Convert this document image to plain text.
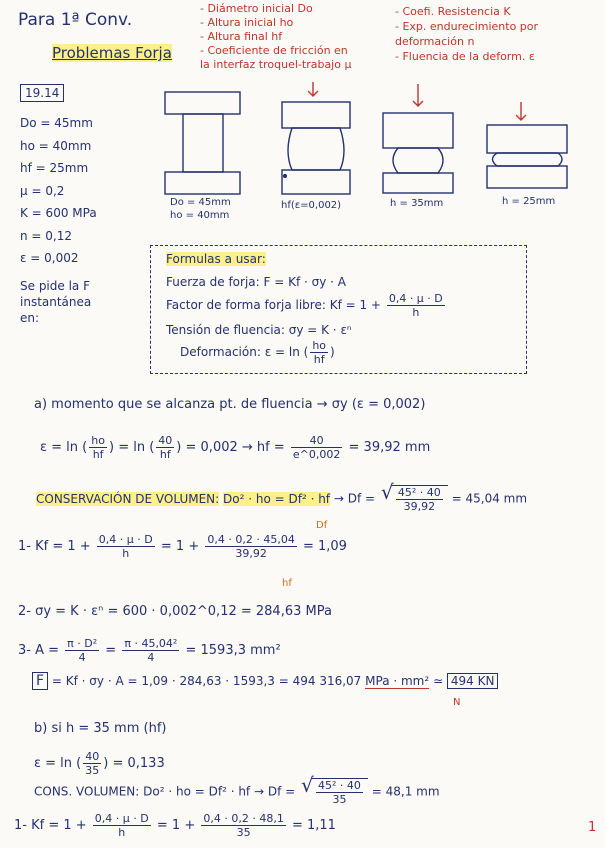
Para 1ª Conv.
Problemas Forja
- Diámetro inicial Do
- Altura inicial ho
- Altura final hf
- Coeficiente de fricción en
la interfaz troquel-trabajo μ
- Coefi. Resistencia K
- Exp. endurecimiento por
deformación n
- Fluencia de la deform. ε
19.14
Do = 45mm
ho = 40mm
hf = 25mm
μ = 0,2
K = 600 MPa
n = 0,12
ε = 0,002
Se pide la F
instantánea
en:
Do = 45mm
ho = 40mm
hf(ε=0,002)	h = 35mm	h = 25mm
Formulas a usar:
Fuerza de forja: F = Kf · σy · A
Factor de forma forja libre: $Kf = 1 + \frac{0,4 \cdot \mu \cdot D}{h}$
Tensión de fluencia: σy = K · εⁿ
Deformación: ε = ln ( $\frac{ho}{hf}$ )
a) momento que se alcanza pt. de fluencia → σy (ε = 0,002)
ε = ln ( $\frac{ho}{hf}$ ) = ln ( $\frac{40}{hf}$ ) = 0,002 → hf = $\frac{40}{e\^{}0,002} = 39,92$ mm
CONSERVACIÓN DE VOLUMEN: Do² · ho = Df² · hf → Df = √ $\frac{\text{45² · 40}}{39,92} = 45,04$ mm
1- $Kf = 1 + \frac{0,4 \cdot \mu \cdot D}{h} = 1 + \frac{0,4 \cdot 0,2 \cdot 45,04}{39,92} = 1,09$
Df
hf
2- σy = K · εⁿ = 600 · 0,002^0,12 = 284,63 MPa
3- $A = \frac{\text{π · D²}}{4} = \frac{\text{π · 45,04²}}{4} = 1593,3$ mm²
F = Kf · σy · A = 1,09 · 284,63 · 1593,3 = 494 316,07 MPa · mm² ≃ 494 KN
N
b) si h = 35 mm (hf)
ε = ln ( $\frac{40}{35}$ ) = 0,133
CONS. VOLUMEN: Do² · ho = Df² · hf → Df = √ $\frac{\text{45² · 40}}{35} = 48,1$ mm
1- $Kf = 1 + \frac{0,4 \cdot \mu \cdot D}{h} = 1 + \frac{0,4 \cdot 0,2 \cdot 48,1}{35} = 1,11$	1
